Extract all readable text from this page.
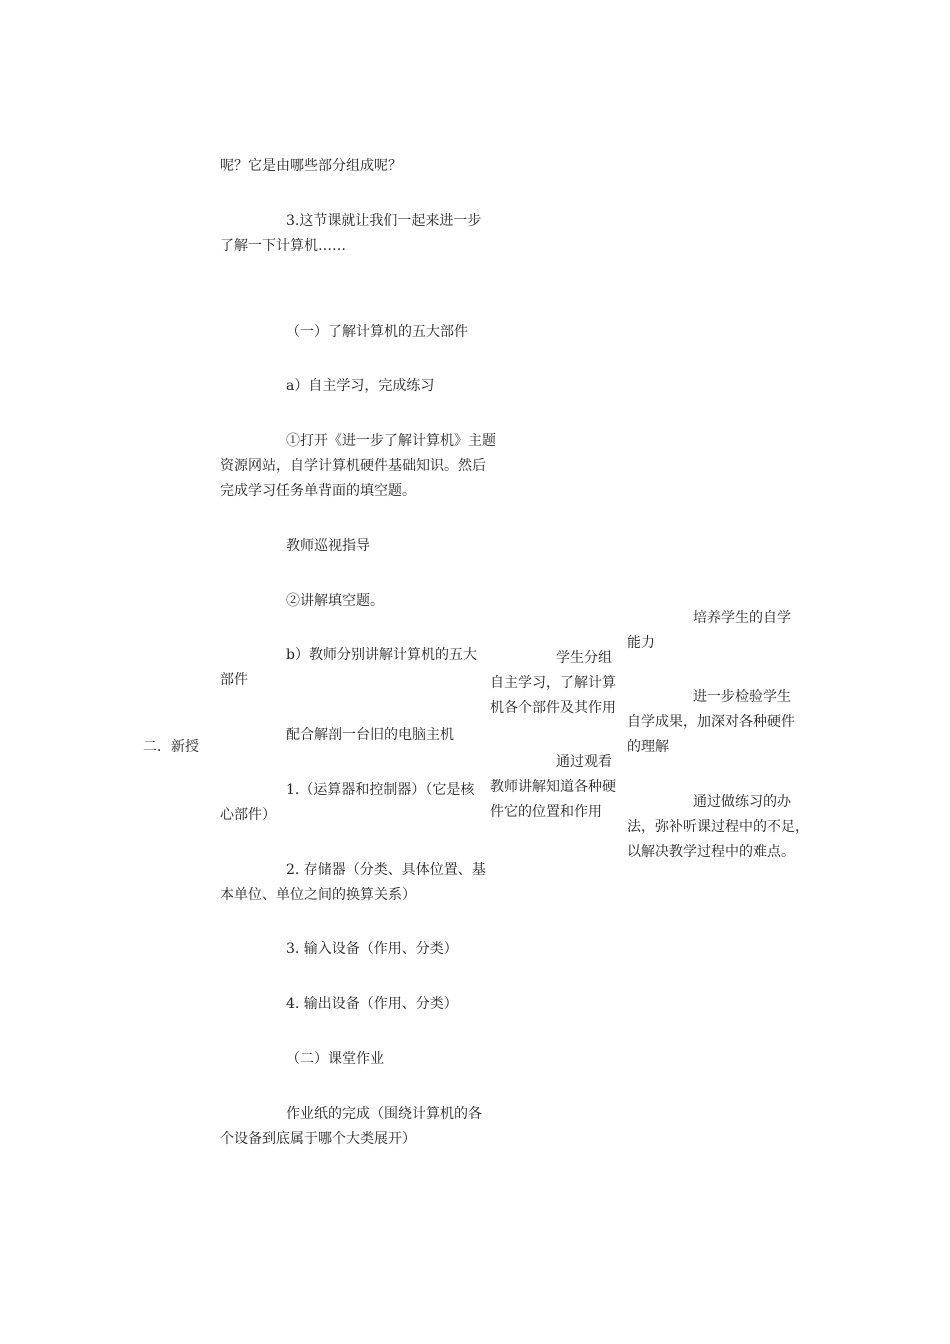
二．新授

呢？它是由哪些部分组成呢？

3.这节课就让我们一起来进一步

了解一下计算机……

（一）了解计算机的五大部件

a）自主学习，完成练习

①打开《进一步了解计算机》主题

资源网站，自学计算机硬件基础知识。然后

完成学习任务单背面的填空题。

教师巡视指导

②讲解填空题。

b）教师分别讲解计算机的五大

部件

配合解剖一台旧的电脑主机

1.（运算器和控制器）（它是核

心部件）

2. 存储器（分类、具体位置、基

本单位、单位之间的换算关系）

3. 输入设备（作用、分类）

4. 输出设备（作用、分类）

（二）课堂作业

作业纸的完成（围绕计算机的各

个设备到底属于哪个大类展开）

学生分组

自主学习，了解计算

机各个部件及其作用

通过观看

教师讲解知道各种硬

件它的位置和作用

培养学生的自学

能力

进一步检验学生

自学成果，加深对各种硬件

的理解

通过做练习的办

法，弥补听课过程中的不足，

以解决教学过程中的难点。
